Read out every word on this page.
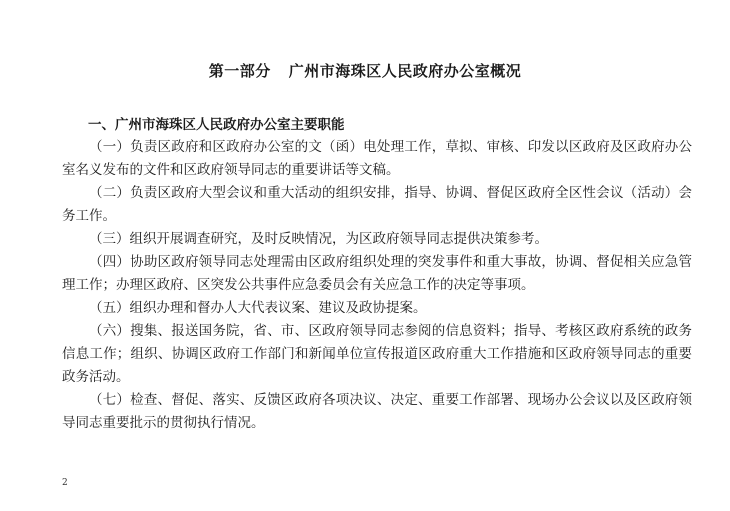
第一部分 广州市海珠区人民政府办公室概况
一、广州市海珠区人民政府办公室主要职能

（一）负责区政府和区政府办公室的文（函）电处理工作，草拟、审核、印发以区政府及区政府办公室名义发布的文件和区政府领导同志的重要讲话等文稿。

（二）负责区政府大型会议和重大活动的组织安排，指导、协调、督促区政府全区性会议（活动）会务工作。

（三）组织开展调查研究，及时反映情况，为区政府领导同志提供决策参考。

（四）协助区政府领导同志处理需由区政府组织处理的突发事件和重大事故，协调、督促相关应急管理工作；办理区政府、区突发公共事件应急委员会有关应急工作的决定等事项。

（五）组织办理和督办人大代表议案、建议及政协提案。

（六）搜集、报送国务院，省、市、区政府领导同志参阅的信息资料；指导、考核区政府系统的政务信息工作；组织、协调区政府工作部门和新闻单位宣传报道区政府重大工作措施和区政府领导同志的重要政务活动。

（七）检查、督促、落实、反馈区政府各项决议、决定、重要工作部署、现场办公会议以及区政府领导同志重要批示的贯彻执行情况。

2
